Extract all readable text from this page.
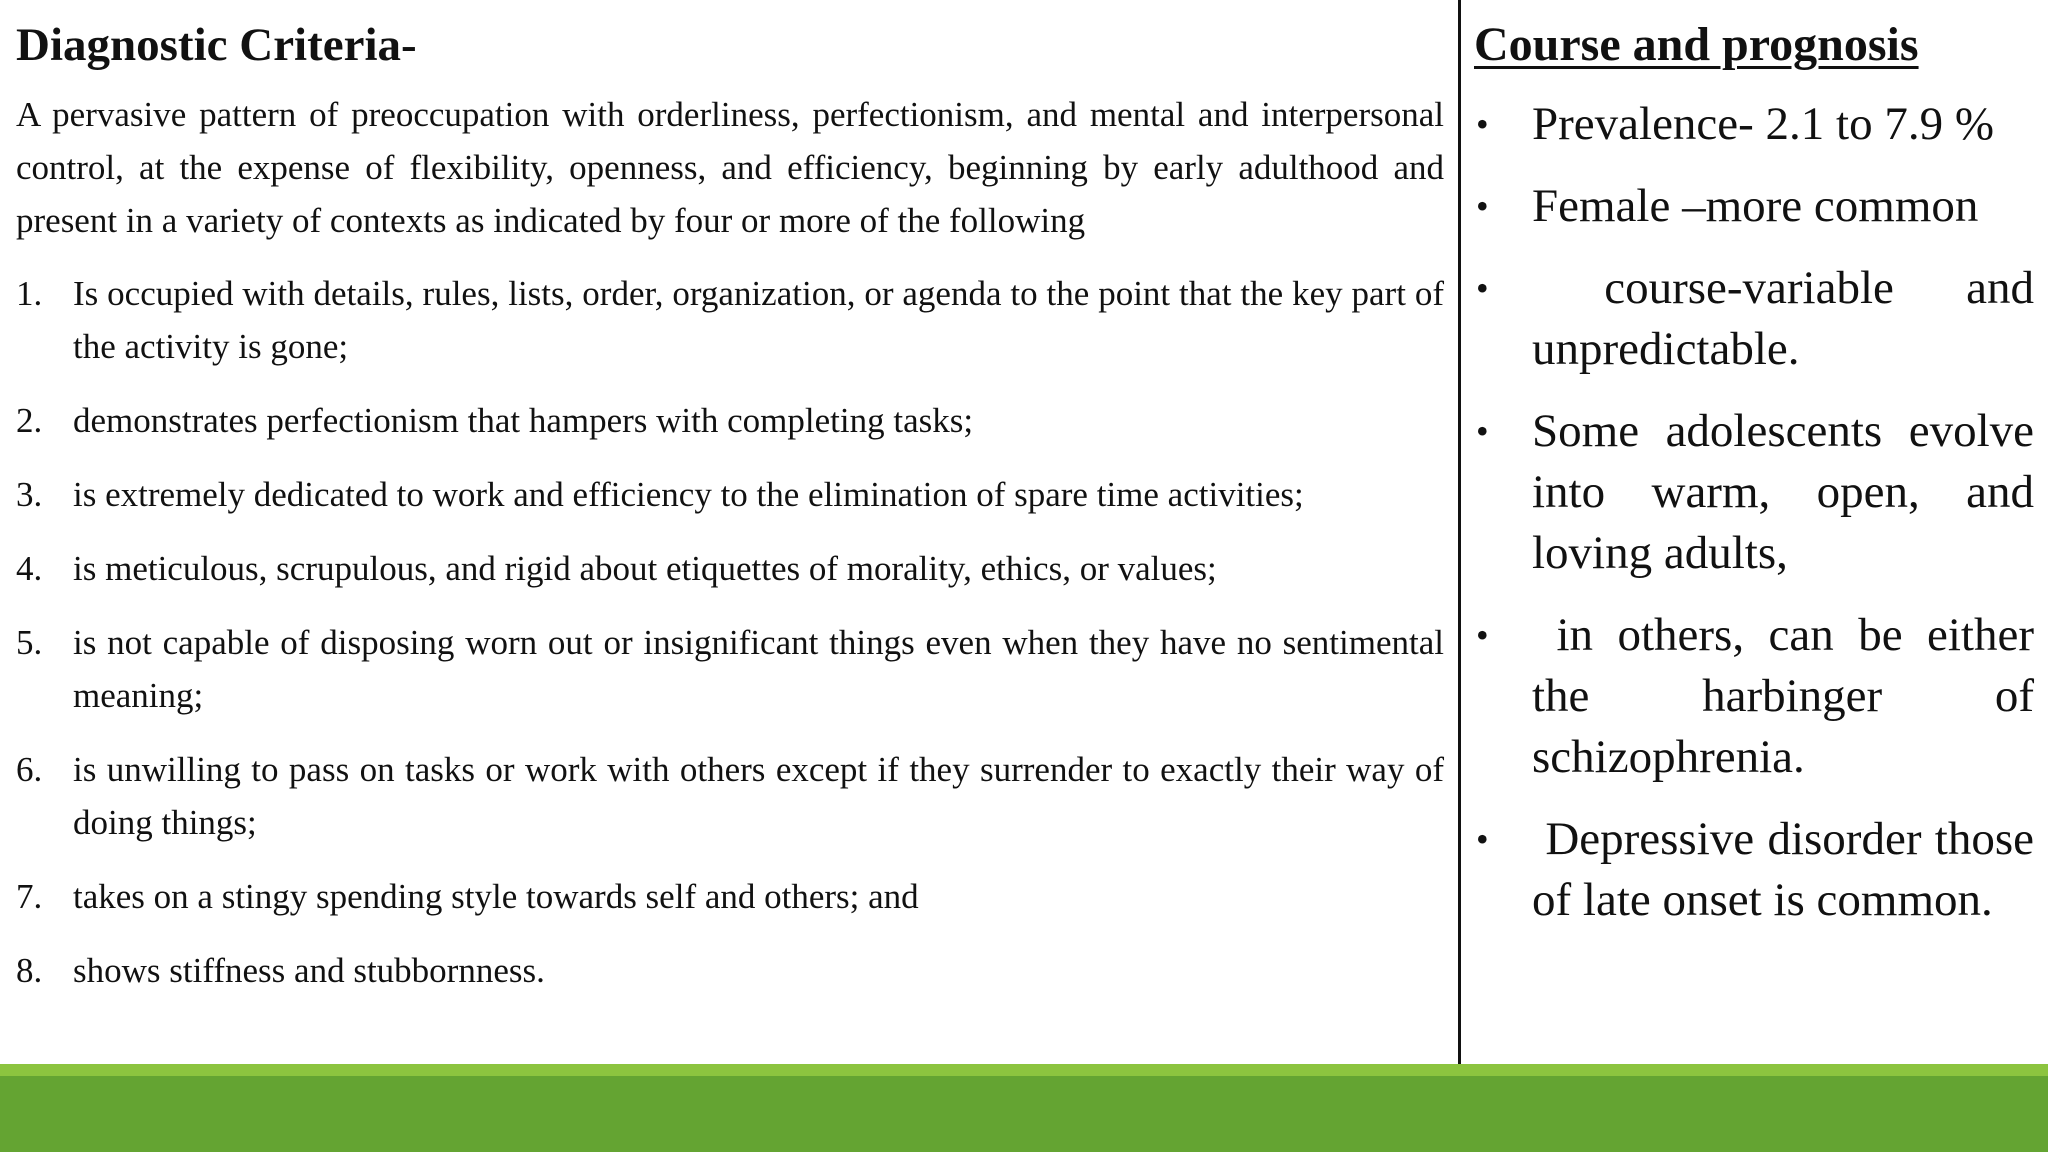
Diagnostic Criteria-
A pervasive pattern of preoccupation with orderliness, perfectionism, and mental and interpersonal control, at the expense of flexibility, openness, and efficiency, beginning by early adulthood and present in a variety of contexts as indicated by four or more of the following
1. Is occupied with details, rules, lists, order, organization, or agenda to the point that the key part of the activity is gone;
2. demonstrates perfectionism that hampers with completing tasks;
3. is extremely dedicated to work and efficiency to the elimination of spare time activities;
4. is meticulous, scrupulous, and rigid about etiquettes of morality, ethics, or values;
5. is not capable of disposing worn out or insignificant things even when they have no sentimental meaning;
6. is unwilling to pass on tasks or work with others except if they surrender to exactly their way of doing things;
7. takes on a stingy spending style towards self and others; and
8. shows stiffness and stubbornness.
Course and prognosis
• Prevalence- 2.1 to 7.9 %
• Female –more common
• course-variable and unpredictable.
• Some adolescents evolve into warm, open, and loving adults,
• in others, can be either the harbinger of schizophrenia.
• Depressive disorder those of late onset is common.
